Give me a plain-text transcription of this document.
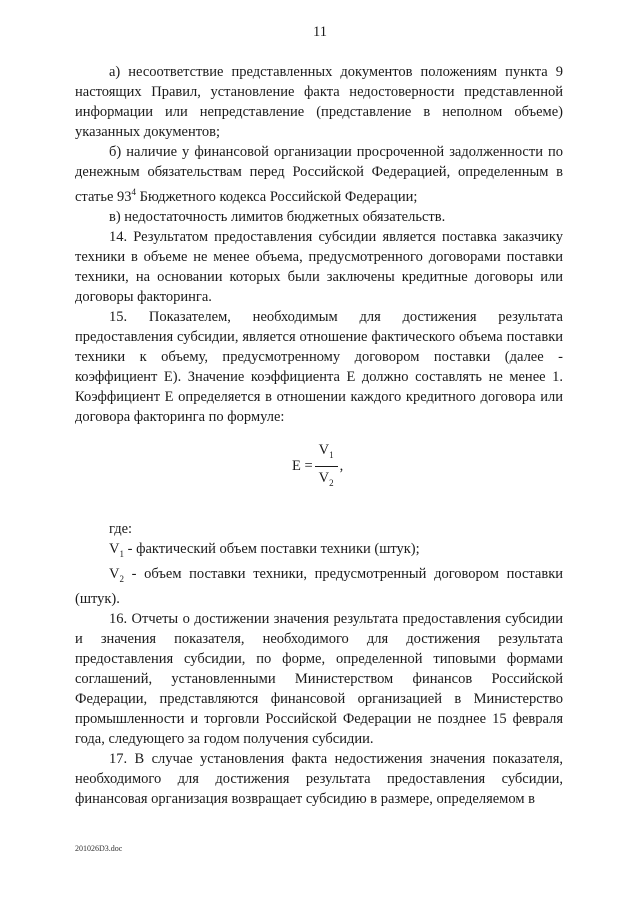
11

а) несоответствие представленных документов положениям пункта 9 настоящих Правил, установление факта недостоверности представленной информации или непредставление (представление в неполном объеме) указанных документов;

б) наличие у финансовой организации просроченной задолженности по денежным обязательствам перед Российской Федерацией, определенным в статье $93^4$ Бюджетного кодекса Российской Федерации;

в) недостаточность лимитов бюджетных обязательств.

14. Результатом предоставления субсидии является поставка заказчику техники в объеме не менее объема, предусмотренного договорами поставки техники, на основании которых были заключены кредитные договоры или договоры факторинга.

15. Показателем, необходимым для достижения результата предоставления субсидии, является отношение фактического объема поставки техники к объему, предусмотренному договором поставки (далее - коэффициент E). Значение коэффициента E должно составлять не менее 1. Коэффициент E определяется в отношении каждого кредитного договора или договора факторинга по формуле:

$E = \frac{V_1}{V_2}$ ,

где:

$V_1$ - фактический объем поставки техники (штук);

$V_2$ - объем поставки техники, предусмотренный договором поставки (штук).

16. Отчеты о достижении значения результата предоставления субсидии и значения показателя, необходимого для достижения результата предоставления субсидии, по форме, определенной типовыми формами соглашений, установленными Министерством финансов Российской Федерации, представляются финансовой организацией в Министерство промышленности и торговли Российской Федерации не позднее 15 февраля года, следующего за годом получения субсидии.

17. В случае установления факта недостижения значения показателя, необходимого для достижения результата предоставления субсидии, финансовая организация возвращает субсидию в размере, определяемом в

201026D3.doc
